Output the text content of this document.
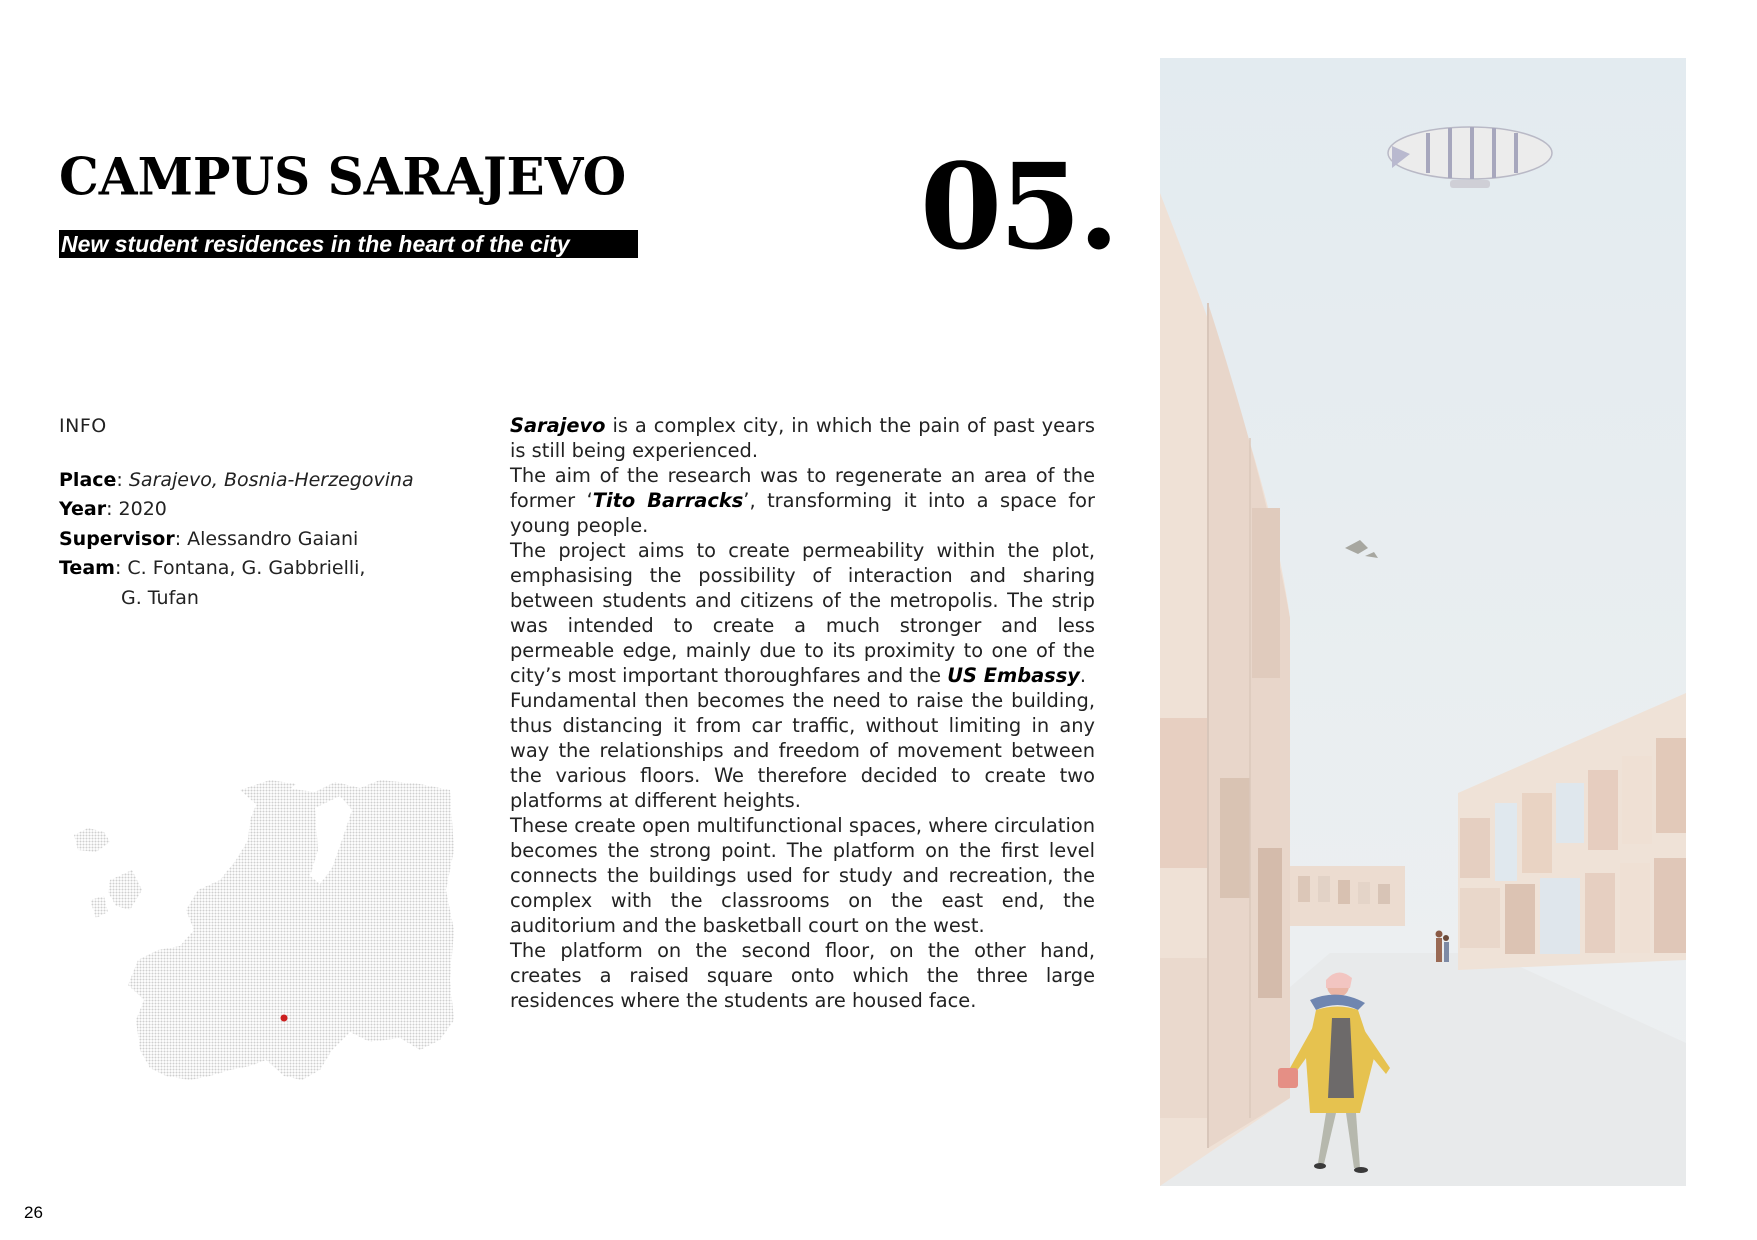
CAMPUS SARAJEVO
New student residences in the heart of the city	05.
INFO
Place: Sarajevo, Bosnia-Herzegovina
Year: 2020
Supervisor: Alessandro Gaiani
Team: C. Fontana, G. Gabbrielli,
G. Tufan

Sarajevo is a complex city, in which the pain of past years is still being experienced.

The aim of the research was to regenerate an area of the former ‘Tito Barracks’, transforming it into a space for young people.

The project aims to create permeability within the plot, emphasising the possibility of interaction and sharing between students and citizens of the metropolis. The strip was intended to create a much stronger and less permeable edge, mainly due to its proximity to one of the city’s most important thoroughfares and the US Embassy.

Fundamental then becomes the need to raise the building, thus distancing it from car traffic, without limiting in any way the relationships and freedom of movement between the various floors. We therefore decided to create two platforms at different heights.

These create open multifunctional spaces, where circulation becomes the strong point. The platform on the first level connects the buildings used for study and recreation, the complex with the classrooms on the east end, the auditorium and the basketball court on the west.

The platform on the second floor, on the other hand, creates a raised square onto which the three large residences where the students are housed face.

26
